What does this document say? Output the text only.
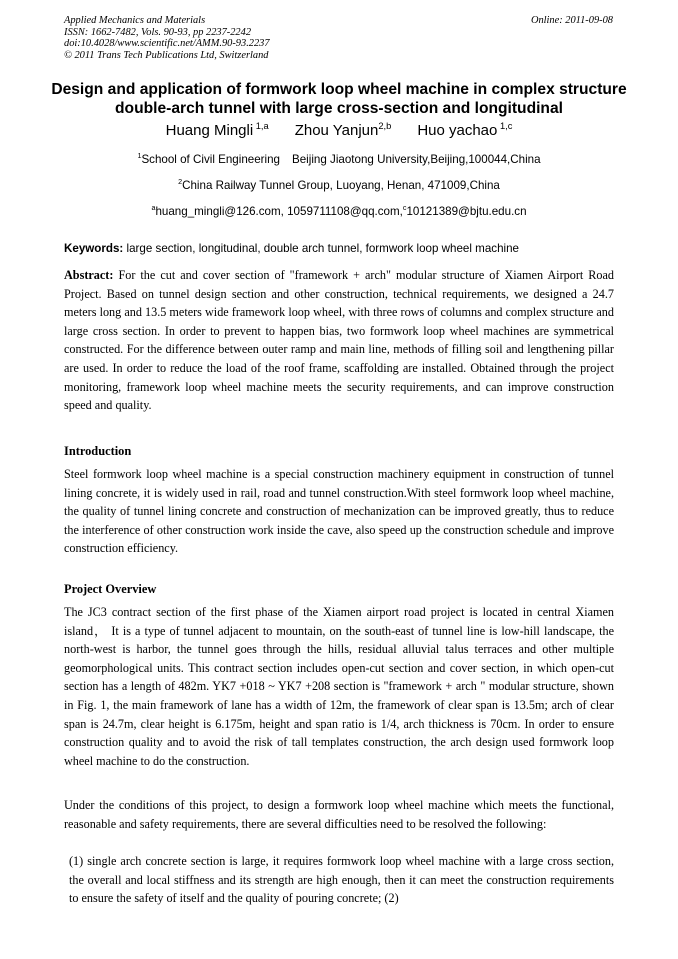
Applied Mechanics and Materials
ISSN: 1662-7482, Vols. 90-93, pp 2237-2242
doi:10.4028/www.scientific.net/AMM.90-93.2237
© 2011 Trans Tech Publications Ltd, Switzerland
Online: 2011-09-08
Design and application of formwork loop wheel machine in complex structure double-arch tunnel with large cross-section and longitudinal
Huang Mingli $^{1,a}$ Zhou Yanjun$^{2,b}$ Huo yachao $^{1,c}$
$^1$School of Civil Engineering Beijing Jiaotong University,Beijing,100044,China
$^2$China Railway Tunnel Group, Luoyang, Henan, 471009,China
$^a$huang_mingli@126.com, 1059711108@qq.com,$^c$10121389@bjtu.edu.cn
Keywords: large section, longitudinal, double arch tunnel, formwork loop wheel machine
Abstract: For the cut and cover section of "framework + arch" modular structure of Xiamen Airport Road Project. Based on tunnel design section and other construction, technical requirements, we designed a 24.7 meters long and 13.5 meters wide framework loop wheel, with three rows of columns and complex structure and large cross section. In order to prevent to happen bias, two formwork loop wheel machines are symmetrical constructed. For the difference between outer ramp and main line, methods of filling soil and lengthening pillar are used. In order to reduce the load of the roof frame, scaffolding are installed. Obtained through the project monitoring, framework loop wheel machine meets the security requirements, and can improve construction speed and quality.
Introduction
Steel formwork loop wheel machine is a special construction machinery equipment in construction of tunnel lining concrete, it is widely used in rail, road and tunnel construction.With steel formwork loop wheel machine, the quality of tunnel lining concrete and construction of mechanization can be improved greatly, thus to reduce the interference of other construction work inside the cave, also speed up the construction schedule and improve construction efficiency.
Project Overview
The JC3 contract section of the first phase of the Xiamen airport road project is located in central Xiamen island， It is a type of tunnel adjacent to mountain, on the south-east of tunnel line is low-hill landscape, the north-west is harbor, the tunnel goes through the hills, residual alluvial talus terraces and other multiple geomorphological units. This contract section includes open-cut section and cover section, in which open-cut section has a length of 482m. YK7 +018 ~ YK7 +208 section is "framework + arch " modular structure, shown in Fig. 1, the main framework of lane has a width of 12m, the framework of clear span is 13.5m; arch of clear span is 24.7m, clear height is 6.175m, height and span ratio is 1/4, arch thickness is 70cm. In order to ensure construction quality and to avoid the risk of tall templates construction, the arch design used formwork loop wheel machine to do the construction.
Under the conditions of this project, to design a formwork loop wheel machine which meets the functional, reasonable and safety requirements, there are several difficulties need to be resolved the following:
(1) single arch concrete section is large, it requires formwork loop wheel machine with a large cross section, the overall and local stiffness and its strength are high enough, then it can meet the construction requirements to ensure the safety of itself and the quality of pouring concrete; (2)
